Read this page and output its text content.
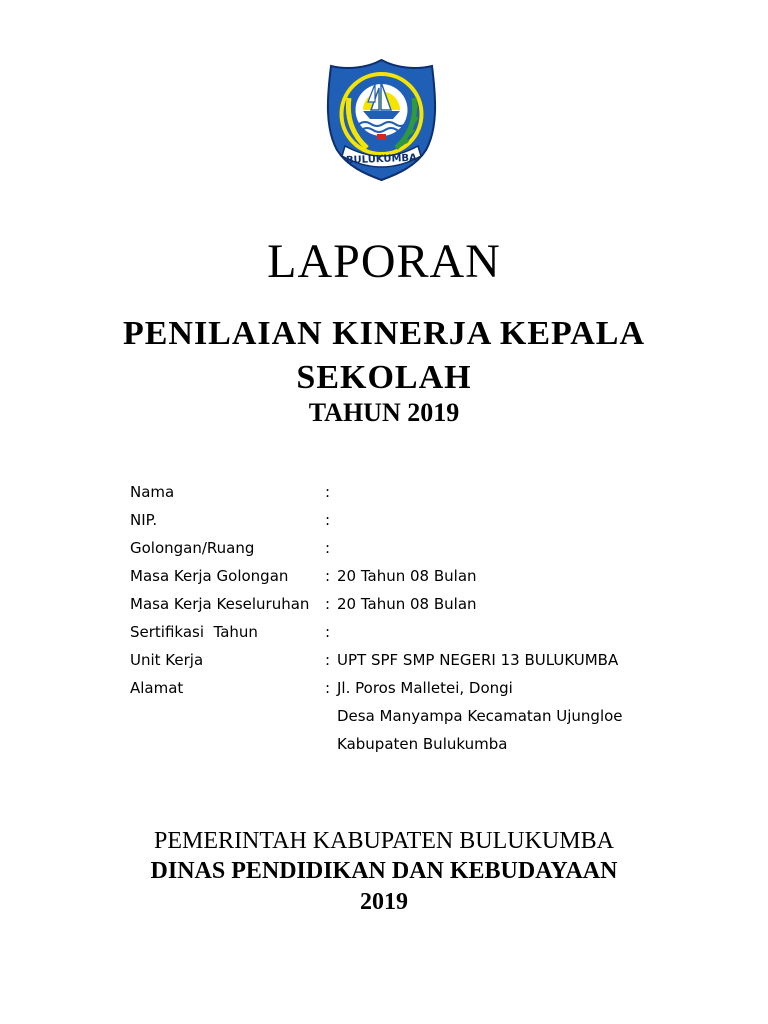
BULUKUMBA
LAPORAN
PENILAIAN KINERJA KEPALA SEKOLAH
TAHUN 2019
Nama	:
NIP.	:
Golongan/Ruang	:
Masa Kerja Golongan : 20 Tahun 08 Bulan
Masa Kerja Keseluruhan : 20 Tahun 08 Bulan
Sertifikasi  Tahun	:
Unit Kerja	: UPT SPF SMP NEGERI 13 BULUKUMBA
Alamat	: Jl. Poros Malletei, Dongi
Desa Manyampa Kecamatan Ujungloe
Kabupaten Bulukumba
PEMERINTAH KABUPATEN BULUKUMBA
DINAS PENDIDIKAN DAN KEBUDAYAAN
2019
